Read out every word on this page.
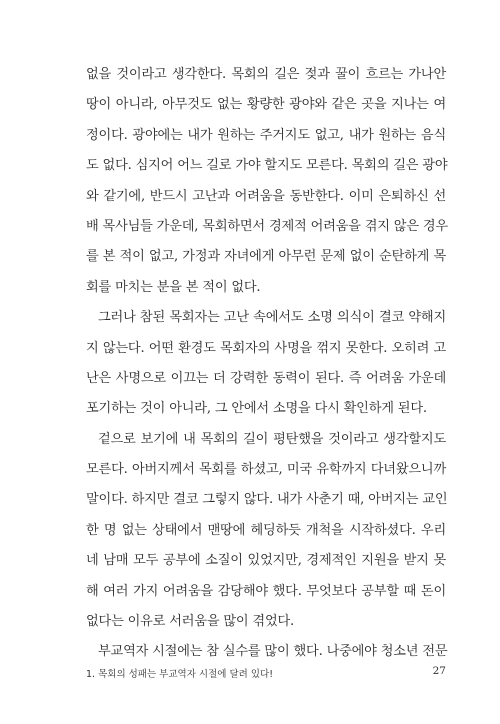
없을 것이라고 생각한다. 목회의 길은 젖과 꿀이 흐르는 가나안
땅이 아니라, 아무것도 없는 황량한 광야와 같은 곳을 지나는 여
정이다. 광야에는 내가 원하는 주거지도 없고, 내가 원하는 음식
도 없다. 심지어 어느 길로 가야 할지도 모른다. 목회의 길은 광야
와 같기에, 반드시 고난과 어려움을 동반한다. 이미 은퇴하신 선
배 목사님들 가운데, 목회하면서 경제적 어려움을 겪지 않은 경우
를 본 적이 없고, 가정과 자녀에게 아무런 문제 없이 순탄하게 목
회를 마치는 분을 본 적이 없다.
그러나 참된 목회자는 고난 속에서도 소명 의식이 결코 약해지
지 않는다. 어떤 환경도 목회자의 사명을 꺾지 못한다. 오히려 고
난은 사명으로 이끄는 더 강력한 동력이 된다. 즉 어려움 가운데
포기하는 것이 아니라, 그 안에서 소명을 다시 확인하게 된다.
겉으로 보기에 내 목회의 길이 평탄했을 것이라고 생각할지도
모른다. 아버지께서 목회를 하셨고, 미국 유학까지 다녀왔으니까
말이다. 하지만 결코 그렇지 않다. 내가 사춘기 때, 아버지는 교인
한 명 없는 상태에서 맨땅에 헤딩하듯 개척을 시작하셨다. 우리
네 남매 모두 공부에 소질이 있었지만, 경제적인 지원을 받지 못
해 여러 가지 어려움을 감당해야 했다. 무엇보다 공부할 때 돈이
없다는 이유로 서러움을 많이 겪었다.
부교역자 시절에는 참 실수를 많이 했다. 나중에야 청소년 전문
1. 목회의 성패는 부교역자 시절에 달려 있다!	27
